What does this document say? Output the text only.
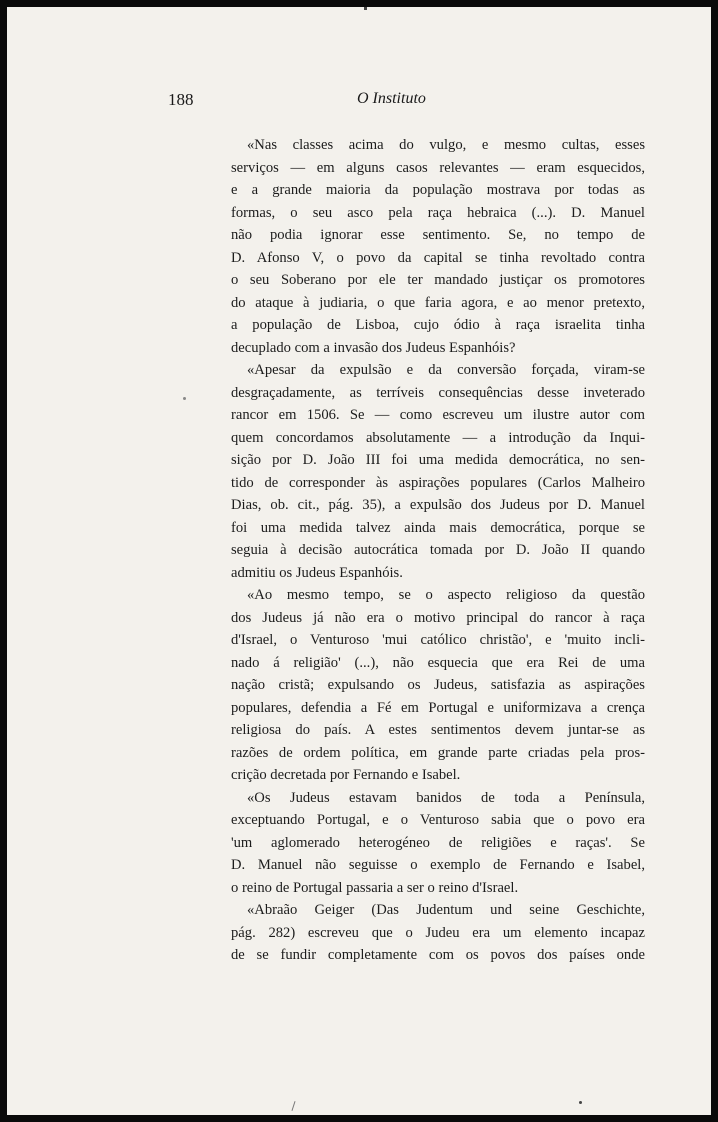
188	O Instituto
«Nas classes acima do vulgo, e mesmo cultas, esses
serviços — em alguns casos relevantes — eram esquecidos,
e a grande maioria da população mostrava por todas as
formas, o seu asco pela raça hebraica (...). D. Manuel
não podia ignorar esse sentimento. Se, no tempo de
D. Afonso V, o povo da capital se tinha revoltado contra
o seu Soberano por ele ter mandado justiçar os promotores
do ataque à judiaria, o que faria agora, e ao menor pretexto,
a população de Lisboa, cujo ódio à raça israelita tinha
decuplado com a invasão dos Judeus Espanhóis?
«Apesar da expulsão e da conversão forçada, viram-se
desgraçadamente, as terríveis consequências desse inveterado
rancor em 1506. Se — como escreveu um ilustre autor com
quem concordamos absolutamente — a introdução da Inqui-
sição por D. João III foi uma medida democrática, no sen-
tido de corresponder às aspirações populares (Carlos Malheiro
Dias, ob. cit., pág. 35), a expulsão dos Judeus por D. Manuel
foi uma medida talvez ainda mais democrática, porque se
seguia à decisão autocrática tomada por D. João II quando
admitiu os Judeus Espanhóis.
«Ao mesmo tempo, se o aspecto religioso da questão
dos Judeus já não era o motivo principal do rancor à raça
d'Israel, o Venturoso 'mui católico christão', e 'muito incli-
nado á religião' (...), não esquecia que era Rei de uma
nação cristã; expulsando os Judeus, satisfazia as aspirações
populares, defendia a Fé em Portugal e uniformizava a crença
religiosa do país. A estes sentimentos devem juntar-se as
razões de ordem política, em grande parte criadas pela pros-
crição decretada por Fernando e Isabel.
«Os Judeus estavam banidos de toda a Península,
exceptuando Portugal, e o Venturoso sabia que o povo era
'um aglomerado heterogéneo de religiões e raças'. Se
D. Manuel não seguisse o exemplo de Fernando e Isabel,
o reino de Portugal passaria a ser o reino d'Israel.
«Abraão Geiger (Das Judentum und seine Geschichte,
pág. 282) escreveu que o Judeu era um elemento incapaz
de se fundir completamente com os povos dos países onde
